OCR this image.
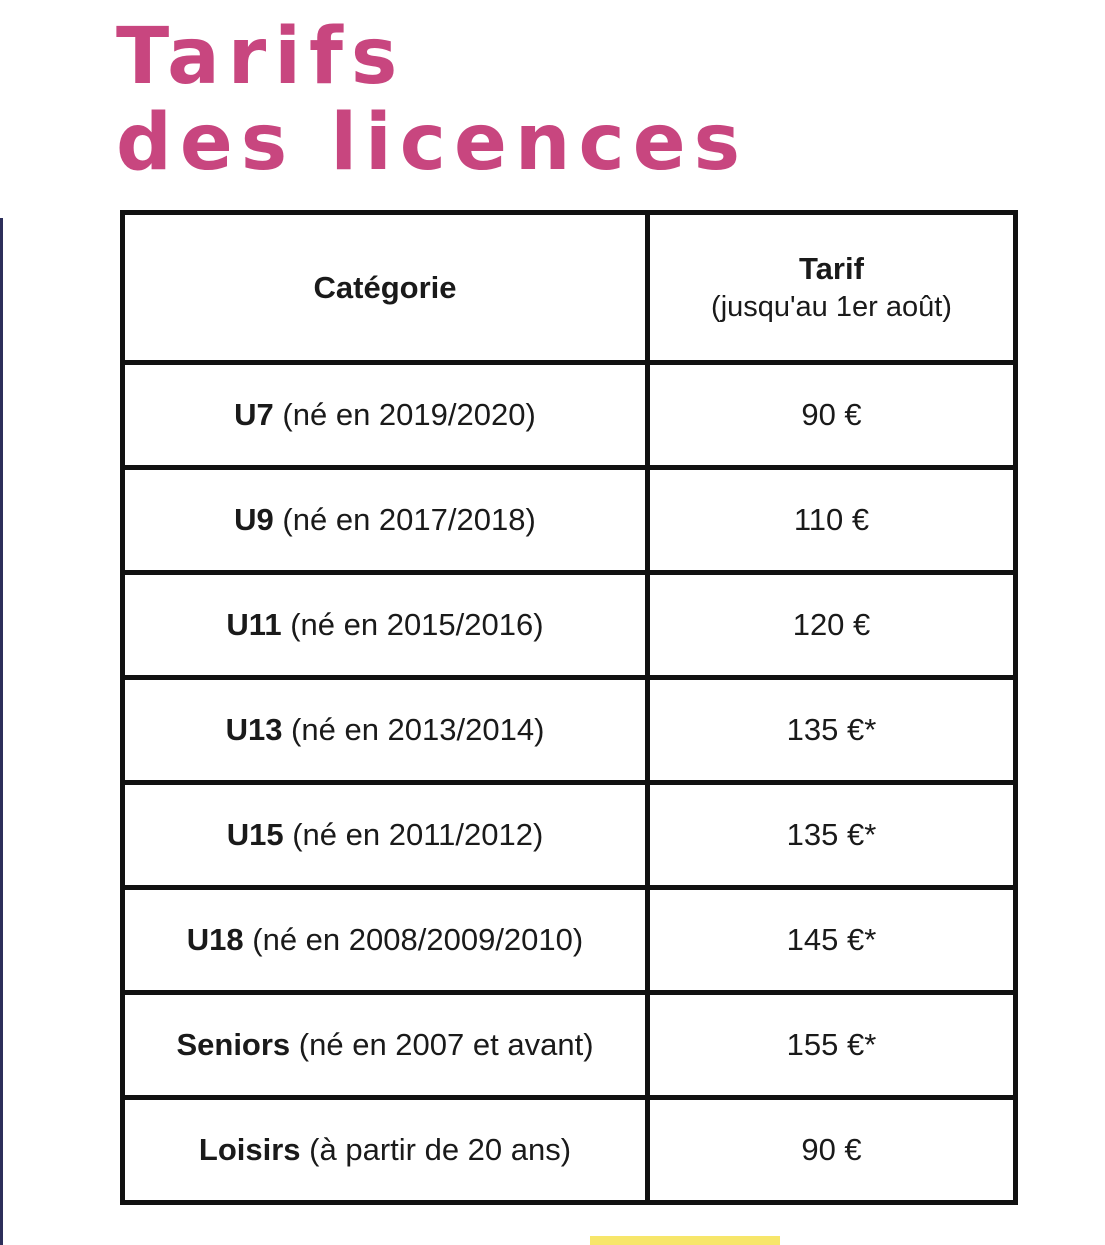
Tarifs
des licences
Catégorie	Tarif
(jusqu'au 1er août)

U7 (né en 2019/2020)	90 €
U9 (né en 2017/2018)	110 €
U11 (né en 2015/2016)	120 €
U13 (né en 2013/2014)	135 €*
U15 (né en 2011/2012)	135 €*
U18 (né en 2008/2009/2010)	145 €*
Seniors (né en 2007 et avant)	155 €*
Loisirs (à partir de 20 ans)	90 €
